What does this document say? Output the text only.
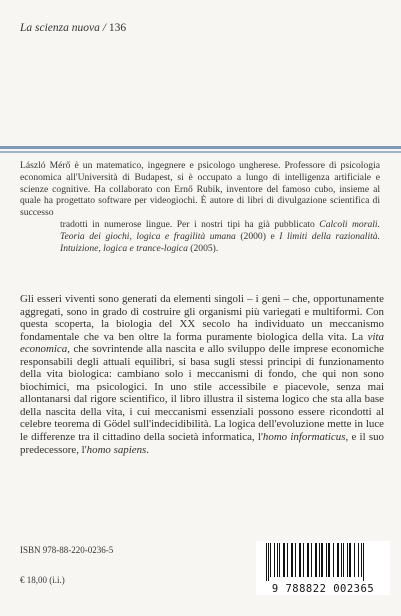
La scienza nuova / 136

László Mérő è un matematico, ingegnere e psicologo ungherese. Professore di psicologia economica all'Università di Budapest, si è occupato a lungo di intelligenza artificiale e scienze cognitive. Ha collaborato con Ernő Rubik, inventore del famoso cubo, insieme al quale ha progettato software per videogiochi. È autore di libri di divulgazione scientifica di successo

tradotti in numerose lingue. Per i nostri tipi ha già pubblicato Calcoli morali. Teoria dei giochi, logica e fragilità umana (2000) e I limiti della razionalità. Intuizione, logica e trance-logica (2005).

Gli esseri viventi sono generati da elementi singoli – i geni – che, opportunamente aggregati, sono in grado di costruire gli organismi più variegati e multiformi. Con questa scoperta, la biologia del XX secolo ha individuato un meccanismo fondamentale che va ben oltre la forma puramente biologica della vita. La vita economica, che sovrintende alla nascita e allo sviluppo delle imprese economiche responsabili degli attuali equilibri, si basa sugli stessi principi di funzionamento della vita biologica: cambiano solo i meccanismi di fondo, che qui non sono biochimici, ma psicologici. In uno stile accessibile e piacevole, senza mai allontanarsi dal rigore scientifico, il libro illustra il sistema logico che sta alla base della nascita della vita, i cui meccanismi essenziali possono essere ricondotti al celebre teorema di Gödel sull'indecidibilità. La logica dell'evoluzione mette in luce le differenze tra il cittadino della società informatica, l'homo informaticus, e il suo predecessore, l'homo sapiens.

ISBN 978-88-220-0236-5
€ 18,00 (i.i.)
9 788822 002365
